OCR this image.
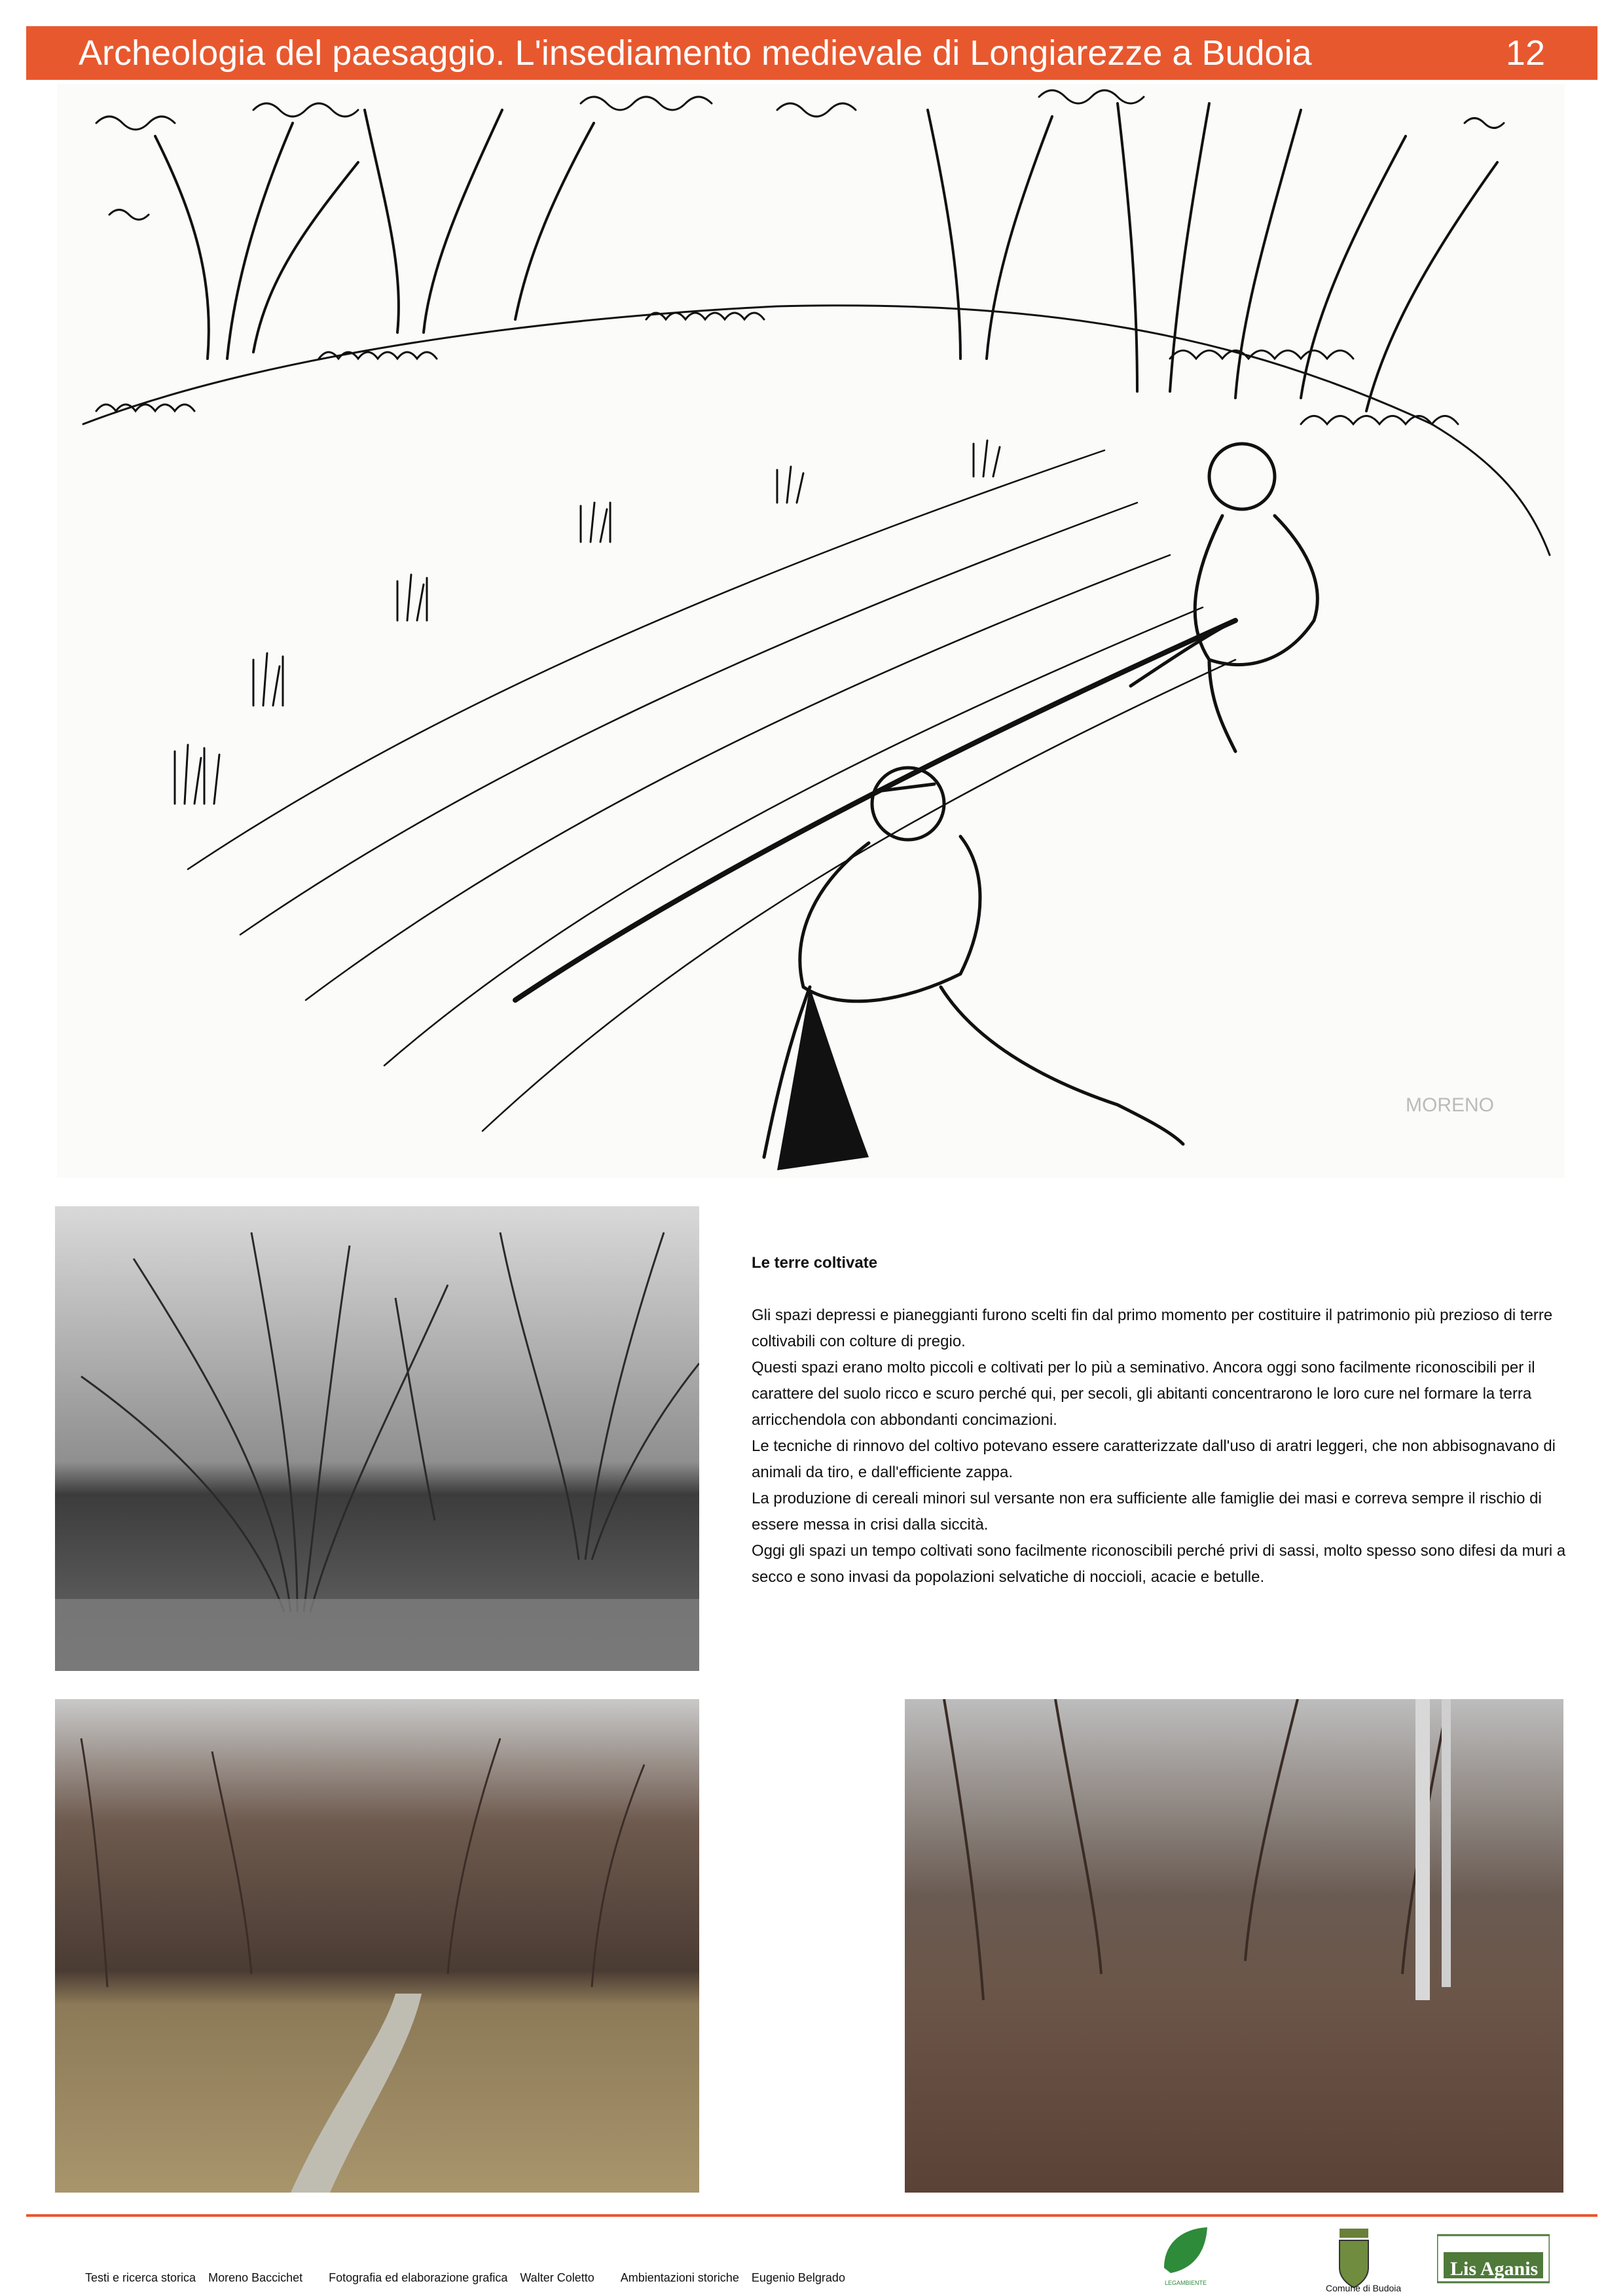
Archeologia del paesaggio. L'insediamento medievale di Longiarezze a Budoia	12
MORENO
Le terre coltivate

Gli spazi depressi e pianeggianti furono scelti fin dal primo momento per costituire il patrimonio più prezioso di terre coltivabili con colture di pregio.

Questi spazi erano molto piccoli e coltivati per lo più a seminativo. Ancora oggi sono facilmente riconoscibili per il carattere del suolo ricco e scuro perché qui, per secoli, gli abitanti concentrarono le loro cure nel formare la terra arricchendola con abbondanti concimazioni.

Le tecniche di rinnovo del coltivo potevano essere caratterizzate dall'uso di aratri leggeri, che non abbisognavano di animali da tiro, e dall'efficiente zappa.

La produzione di cereali minori sul versante non era sufficiente alle famiglie dei masi e correva sempre il rischio di essere messa in crisi dalla siccità.

Oggi gli spazi un tempo coltivati sono facilmente riconoscibili perché privi di sassi, molto spesso sono difesi da muri a secco e sono invasi da popolazioni selvatiche di noccioli, acacie e betulle.

Testi e ricerca storica Moreno Baccichet Fotografia ed elaborazione grafica Walter Coletto Ambientazioni storiche Eugenio Belgrado	LEGAMBIENTE	Comune di Budoia
Lis Aganis
